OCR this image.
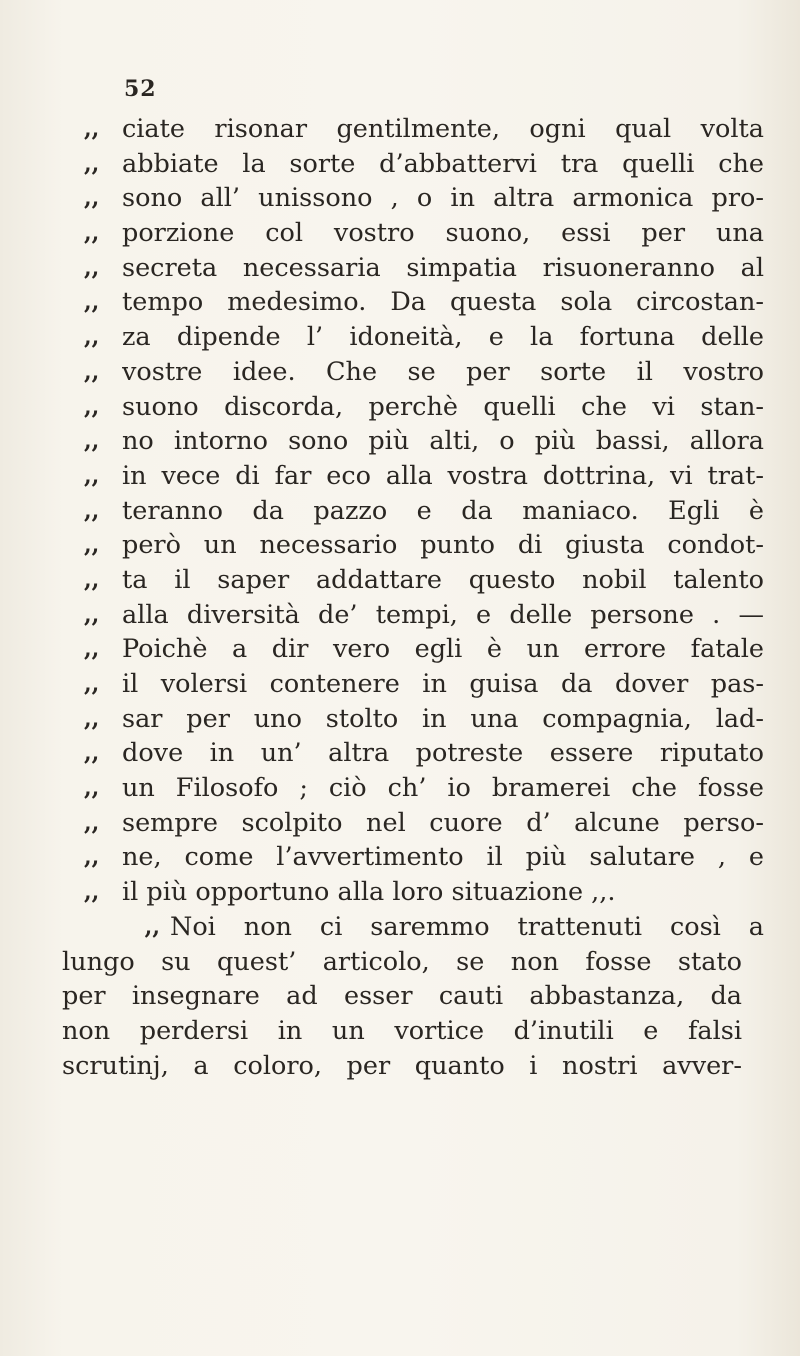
52
,, ciate risonar gentilmente, ogni qual volta
,, abbiate la sorte d’abbattervi tra quelli che
,, sono all’ unissono , o in altra armonica pro-
,, porzione col vostro suono, essi per una
,, secreta necessaria simpatia risuoneranno al
,, tempo medesimo. Da questa sola circostan-
,, za dipende l’ idoneità, e la fortuna delle
,, vostre idee. Che se per sorte il vostro
,, suono discorda, perchè quelli che vi stan-
,, no intorno sono più alti, o più bassi, allora
,, in vece di far eco alla vostra dottrina, vi trat-
,, teranno da pazzo e da maniaco. Egli è
,, però un necessario punto di giusta condot-
,, ta il saper addattare questo nobil talento
,, alla diversità de’ tempi, e delle persone . —
,, Poichè a dir vero egli è un errore fatale
,, il volersi contenere in guisa da dover pas-
,, sar per uno stolto in una compagnia, lad-
,, dove in un’ altra potreste essere riputato
,, un Filosofo ; ciò ch’ io bramerei che fosse
,, sempre scolpito nel cuore d’ alcune perso-
,, ne, come l’avvertimento il più salutare , e
,, il più opportuno alla loro situazione ,,.
,, Noi non ci saremmo trattenuti così a
lungo su quest’ articolo, se non fosse stato
per insegnare ad esser cauti abbastanza, da
non perdersi in un vortice d’inutili e falsi
scrutinj, a coloro, per quanto i nostri avver-
